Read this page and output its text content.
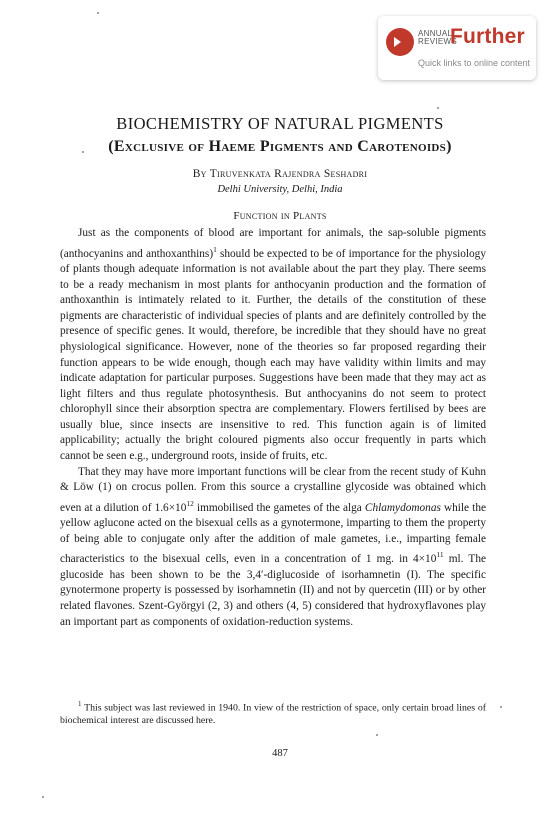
ANNUAL
REVIEWS
Further
Quick links to online content
BIOCHEMISTRY OF NATURAL PIGMENTS
(Exclusive of Haeme Pigments and Carotenoids)
By Tiruvenkata Rajendra Seshadri
Delhi University, Delhi, India
Function in Plants

Just as the components of blood are important for animals, the sap-soluble pigments (anthocyanins and anthoxanthins)$^1$ should be expected to be of importance for the physiology of plants though adequate information is not available about the part they play. There seems to be a ready mechanism in most plants for anthocyanin production and the formation of anthoxanthin is intimately related to it. Further, the details of the constitution of these pigments are characteristic of individual species of plants and are definitely controlled by the presence of specific genes. It would, therefore, be incredible that they should have no great physiological significance. However, none of the theories so far proposed regarding their function appears to be wide enough, though each may have validity within limits and may indicate adaptation for particular purposes. Suggestions have been made that they may act as light filters and thus regulate photosynthesis. But anthocyanins do not seem to protect chlorophyll since their absorption spectra are complementary. Flowers fertilised by bees are usually blue, since insects are insensitive to red. This function again is of limited applicability; actually the bright coloured pigments also occur frequently in parts which cannot be seen e.g., underground roots, inside of fruits, etc.

That they may have more important functions will be clear from the recent study of Kuhn & Löw (1) on crocus pollen. From this source a crystalline glycoside was obtained which even at a dilution of $1.6\times 10^{12}$ immobilised the gametes of the alga Chlamydomonas while the yellow aglucone acted on the bisexual cells as a gynotermone, imparting to them the property of being able to conjugate only after the addition of male gametes, i.e., imparting female characteristics to the bisexual cells, even in a concentration of 1 mg. in $4\times 10^{11}$ ml. The glucoside has been shown to be the 3,4′-diglucoside of isorhamnetin (I). The specific gynotermone property is possessed by isorhamnetin (II) and not by quercetin (III) or by other related flavones. Szent-Györgyi (2, 3) and others (4, 5) considered that hydroxyflavones play an important part as components of oxidation-reduction systems.

$^1$ This subject was last reviewed in 1940. In view of the restriction of space, only certain broad lines of biochemical interest are discussed here.
487
